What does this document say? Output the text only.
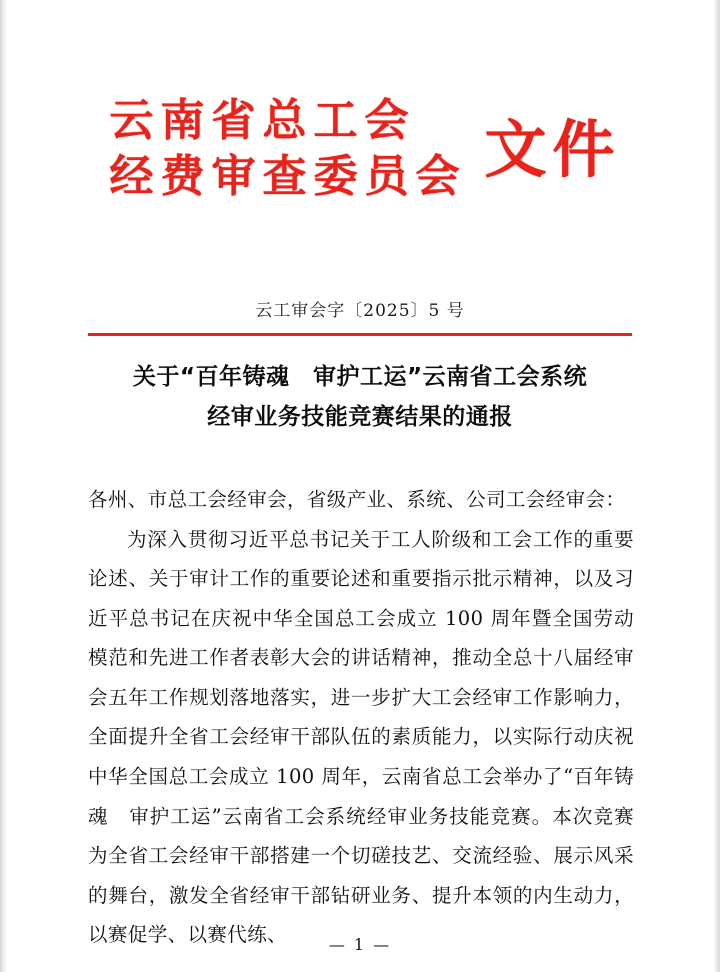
云南省总工会
经费审查委员会 文件
云工审会字〔2025〕5 号
关于“百年铸魂　审护工运”云南省工会系统
经审业务技能竞赛结果的通报

各州、市总工会经审会，省级产业、系统、公司工会经审会：

为深入贯彻习近平总书记关于工人阶级和工会工作的重要论述、关于审计工作的重要论述和重要指示批示精神，以及习近平总书记在庆祝中华全国总工会成立 100 周年暨全国劳动模范和先进工作者表彰大会的讲话精神，推动全总十八届经审会五年工作规划落地落实，进一步扩大工会经审工作影响力，全面提升全省工会经审干部队伍的素质能力，以实际行动庆祝中华全国总工会成立 100 周年，云南省总工会举办了“百年铸魂　审护工运”云南省工会系统经审业务技能竞赛。本次竞赛为全省工会经审干部搭建一个切磋技艺、交流经验、展示风采的舞台，激发全省经审干部钻研业务、提升本领的内生动力，以赛促学、以赛代练、	— 1 —
